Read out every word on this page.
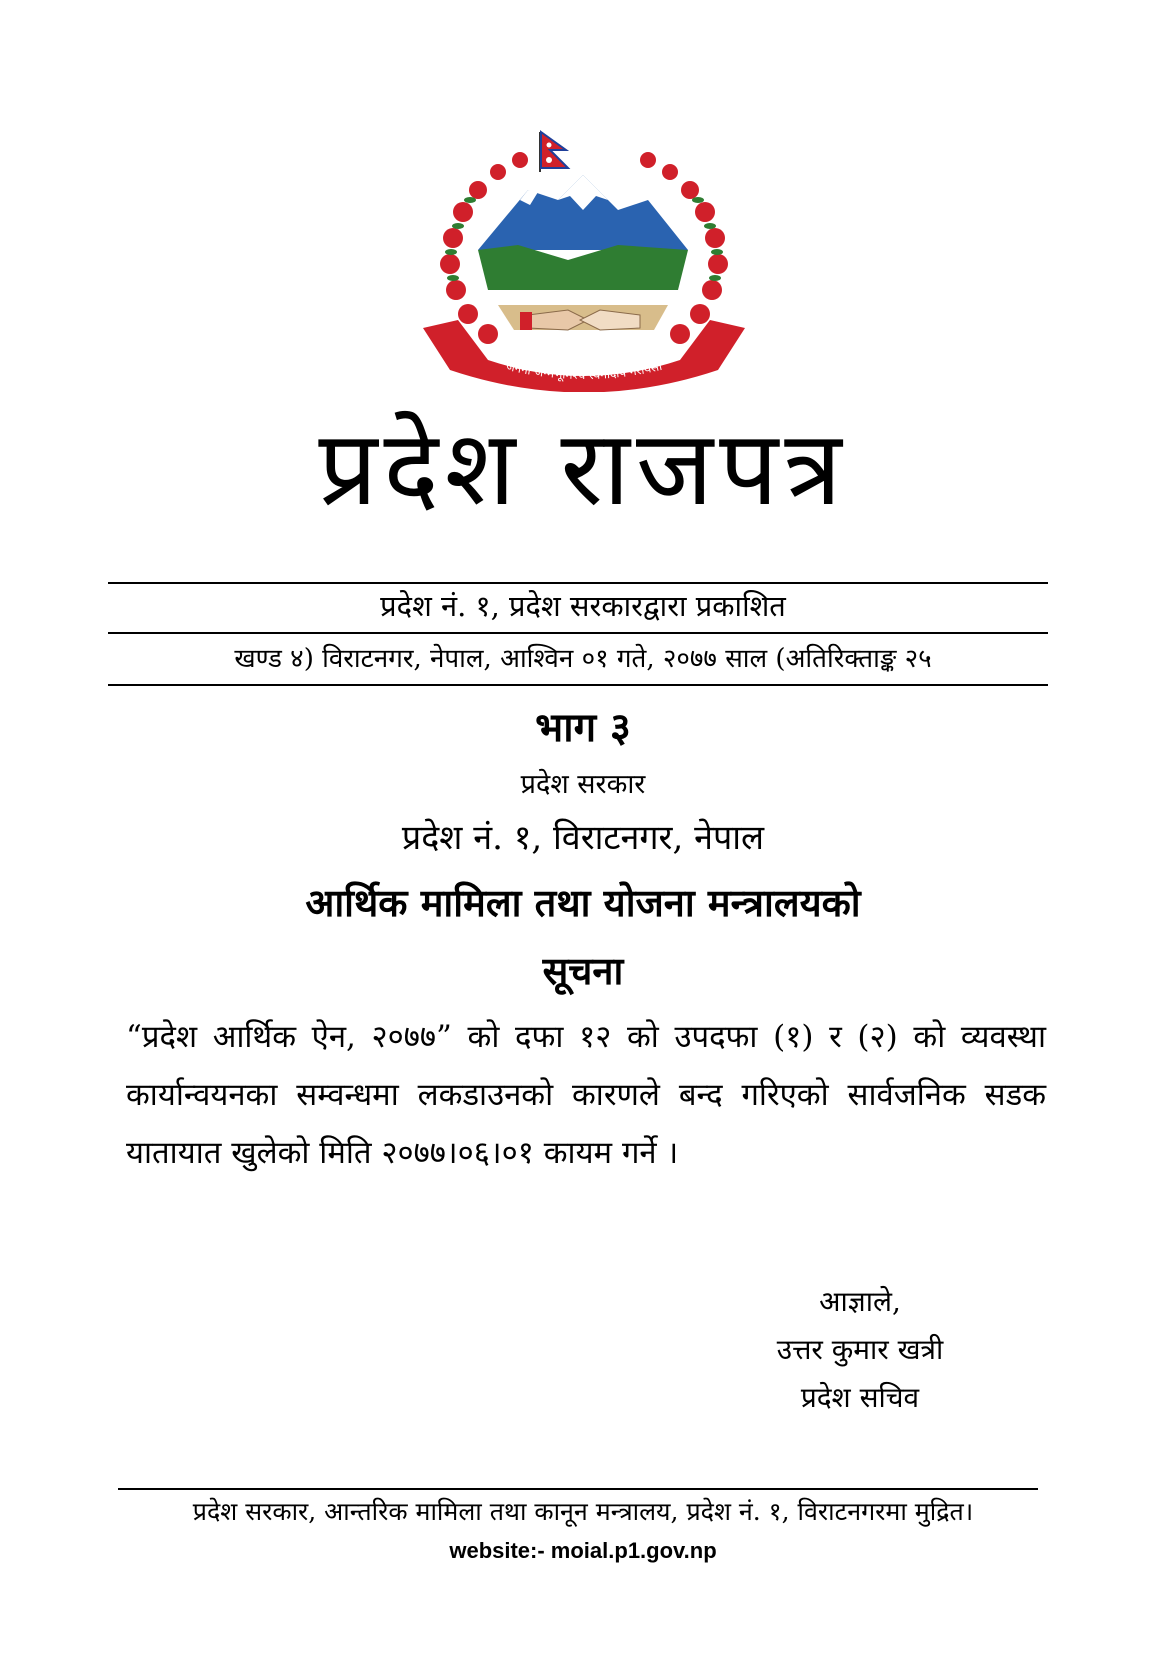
जननी जन्मभूमिश्च स्वर्गादपि गरीयसी
प्रदेश राजपत्र
प्रदेश नं. १, प्रदेश सरकारद्वारा प्रकाशित
खण्ड ४) विराटनगर, नेपाल, आश्विन ०१ गते, २०७७ साल (अतिरिक्ताङ्क २५
भाग ३
प्रदेश सरकार
प्रदेश नं. १, विराटनगर, नेपाल
आर्थिक मामिला तथा योजना मन्त्रालयको
सूचना
“प्रदेश आर्थिक ऐन, २०७७” को दफा १२ को उपदफा (१) र (२) को व्यवस्था कार्यान्वयनका सम्वन्धमा लकडाउनको कारणले बन्द गरिएको सार्वजनिक सडक यातायात खुलेको मिति २०७७।०६।०१ कायम गर्ने ।
आज्ञाले,
उत्तर कुमार खत्री
प्रदेश सचिव
प्रदेश सरकार, आन्तरिक मामिला तथा कानून मन्त्रालय, प्रदेश नं. १, विराटनगरमा मुद्रित।
website:- moial.p1.gov.np
